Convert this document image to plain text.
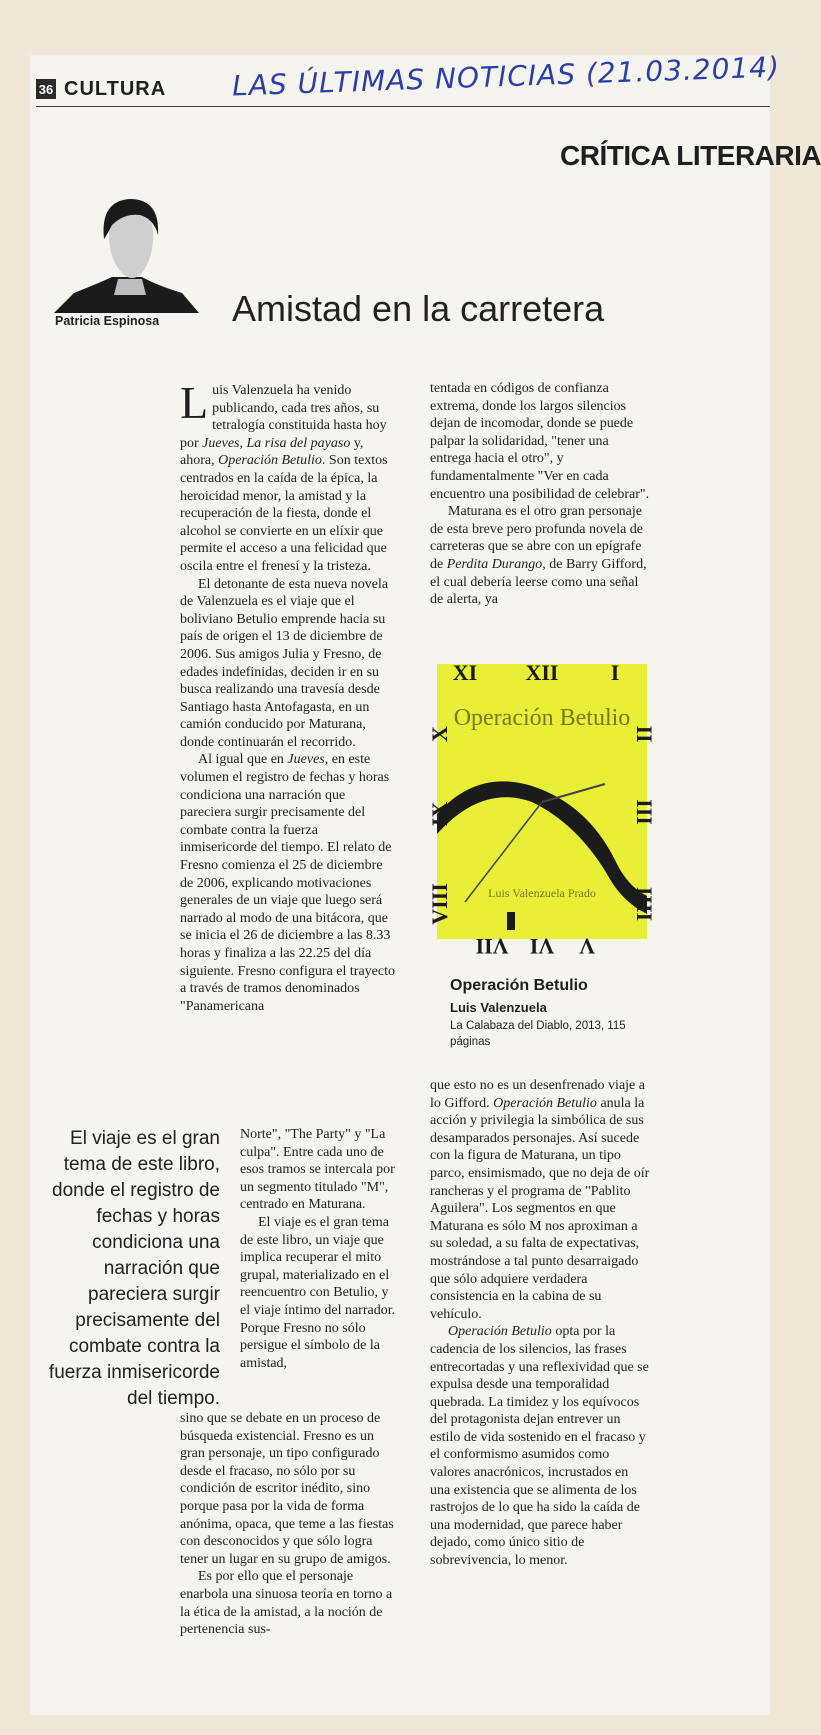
36 CULTURA LAS ÚLTIMAS NOTICIAS (21.03.2014)
CRÍTICA LITERARIA
Patricia Espinosa Amistad en la carretera

Luis Valenzuela ha venido publicando, cada tres años, su tetralogía constituida hasta hoy por Jueves, La risa del payaso y, ahora, Operación Betulio. Son textos centrados en la caída de la épica, la heroicidad menor, la amistad y la recuperación de la fiesta, donde el alcohol se convierte en un elíxir que permite el acceso a una felicidad que oscila entre el frenesí y la tristeza.

El detonante de esta nueva novela de Valenzuela es el viaje que el boliviano Betulio emprende hacia su país de origen el 13 de diciembre de 2006. Sus amigos Julia y Fresno, de edades indefinidas, deciden ir en su busca realizando una travesía desde Santiago hasta Antofagasta, en un camión conducido por Maturana, donde continuarán el recorrido.

Al igual que en Jueves, en este volumen el registro de fechas y horas condiciona una narración que pareciera surgir precisamente del combate contra la fuerza inmisericorde del tiempo. El relato de Fresno comienza el 25 de diciembre de 2006, explicando motivaciones generales de un viaje que luego será narrado al modo de una bitácora, que se inicia el 26 de diciembre a las 8.33 horas y finaliza a las 22.25 del día siguiente. Fresno configura el trayecto a través de tramos denominados "Panamericana

El viaje es el gran tema de este libro, donde el registro de fechas y horas condiciona una narración que pareciera surgir precisamente del combate contra la fuerza inmisericorde del tiempo.

Norte", "The Party" y "La culpa". Entre cada uno de esos tramos se intercala por un segmento titulado "M", centrado en Maturana.

El viaje es el gran tema de este libro, un viaje que implica recuperar el mito grupal, materializado en el reencuentro con Betulio, y el viaje íntimo del narrador. Porque Fresno no sólo persigue el símbolo de la amistad,

sino que se debate en un proceso de búsqueda existencial. Fresno es un gran personaje, un tipo configurado desde el fracaso, no sólo por su condición de escritor inédito, sino porque pasa por la vida de forma anónima, opaca, que teme a las fiestas con desconocidos y que sólo logra tener un lugar en su grupo de amigos.

Es por ello que el personaje enarbola una sinuosa teoría en torno a la ética de la amistad, a la noción de pertenencia sus-

tentada en códigos de confianza extrema, donde los largos silencios dejan de incomodar, donde se puede palpar la solidaridad, "tener una entrega hacia el otro", y fundamentalmente "Ver en cada encuentro una posibilidad de celebrar".

Maturana es el otro gran personaje de esta breve pero profunda novela de carreteras que se abre con un epígrafe de Perdita Durango, de Barry Gifford, el cual debería leerse como una señal de alerta, ya

XI XII I
II
III
IIII
V
VI
VII
VIII
IX
X
Operación Betulio
Luis Valenzuela Prado
Operación Betulio
Luis Valenzuela
La Calabaza del Diablo, 2013, 115 páginas

que esto no es un desenfrenado viaje a lo Gifford. Operación Betulio anula la acción y privilegia la simbólica de sus desamparados personajes. Así sucede con la figura de Maturana, un tipo parco, ensimismado, que no deja de oír rancheras y el programa de "Pablito Aguilera". Los segmentos en que Maturana es sólo M nos aproximan a su soledad, a su falta de expectativas, mostrándose a tal punto desarraigado que sólo adquiere verdadera consistencia en la cabina de su vehículo.

Operación Betulio opta por la cadencia de los silencios, las frases entrecortadas y una reflexividad que se expulsa desde una temporalidad quebrada. La timidez y los equívocos del protagonista dejan entrever un estilo de vida sostenido en el fracaso y el conformismo asumidos como valores anacrónicos, incrustados en una existencia que se alimenta de los rastrojos de lo que ha sido la caída de una modernidad, que parece haber dejado, como único sitio de sobrevivencia, lo menor.
